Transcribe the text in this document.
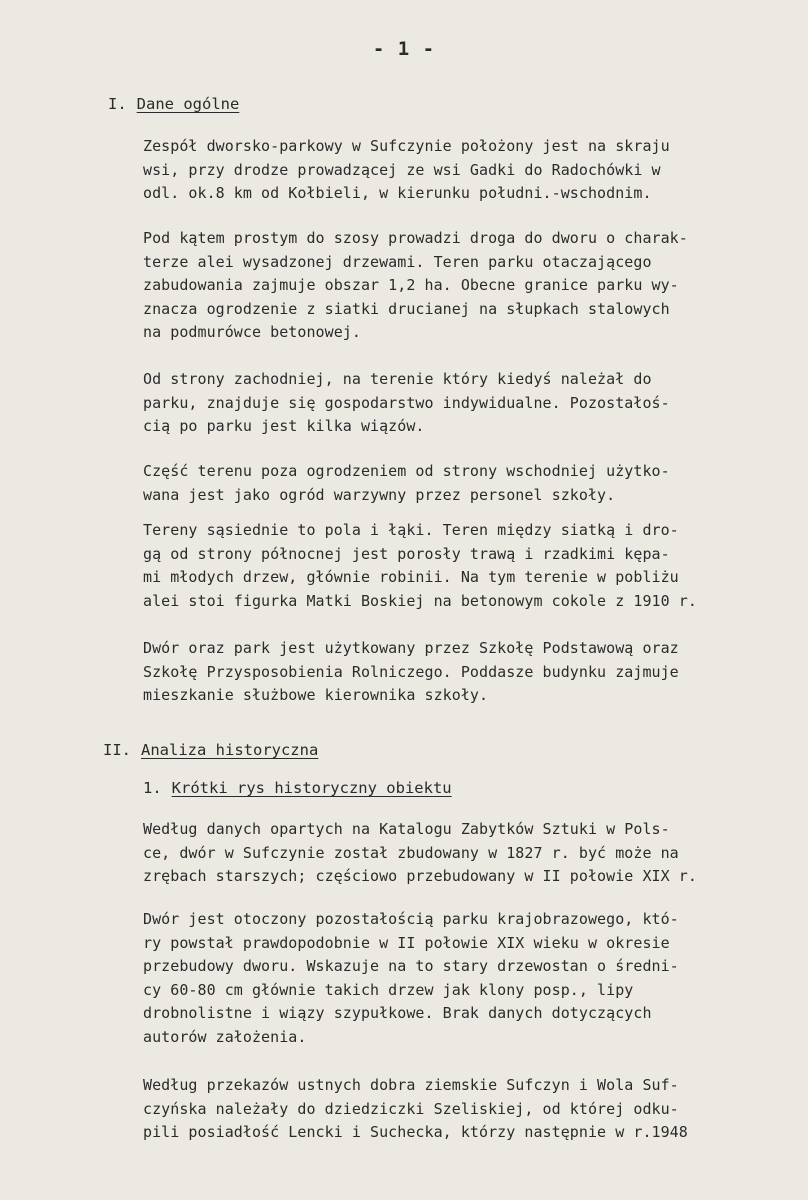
- 1 -
I. Dane ogólne
Zespół dworsko-parkowy w Sufczynie położony jest na skraju
wsi, przy drodze prowadzącej ze wsi Gadki do Radochówki w
odl. ok.8 km od Kołbieli, w kierunku południ.-wschodnim.
Pod kątem prostym do szosy prowadzi droga do dworu o charak-
terze alei wysadzonej drzewami. Teren parku otaczającego
zabudowania zajmuje obszar 1,2 ha. Obecne granice parku wy-
znacza ogrodzenie z siatki drucianej na słupkach stalowych
na podmurówce betonowej.
Od strony zachodniej, na terenie który kiedyś należał do
parku, znajduje się gospodarstwo indywidualne. Pozostałoś-
cią po parku jest kilka wiązów.
Część terenu poza ogrodzeniem od strony wschodniej użytko-
wana jest jako ogród warzywny przez personel szkoły.
Tereny sąsiednie to pola i łąki. Teren między siatką i dro-
gą od strony północnej jest porosły trawą i rzadkimi kępa-
mi młodych drzew, głównie robinii. Na tym terenie w pobliżu
alei stoi figurka Matki Boskiej na betonowym cokole z 1910 r.
Dwór oraz park jest użytkowany przez Szkołę Podstawową oraz
Szkołę Przysposobienia Rolniczego. Poddasze budynku zajmuje
mieszkanie służbowe kierownika szkoły.
II. Analiza historyczna
1. Krótki rys historyczny obiektu
Według danych opartych na Katalogu Zabytków Sztuki w Pols-
ce, dwór w Sufczynie został zbudowany w 1827 r. być może na
zrębach starszych; częściowo przebudowany w II połowie XIX r.
Dwór jest otoczony pozostałością parku krajobrazowego, któ-
ry powstał prawdopodobnie w II połowie XIX wieku w okresie
przebudowy dworu. Wskazuje na to stary drzewostan o średni-
cy 60-80 cm głównie takich drzew jak klony posp., lipy
drobnolistne i wiązy szypułkowe. Brak danych dotyczących
autorów założenia.
Według przekazów ustnych dobra ziemskie Sufczyn i Wola Suf-
czyńska należały do dziedziczki Szeliskiej, od której odku-
pili posiadłość Lencki i Suchecka, którzy następnie w r.1948
